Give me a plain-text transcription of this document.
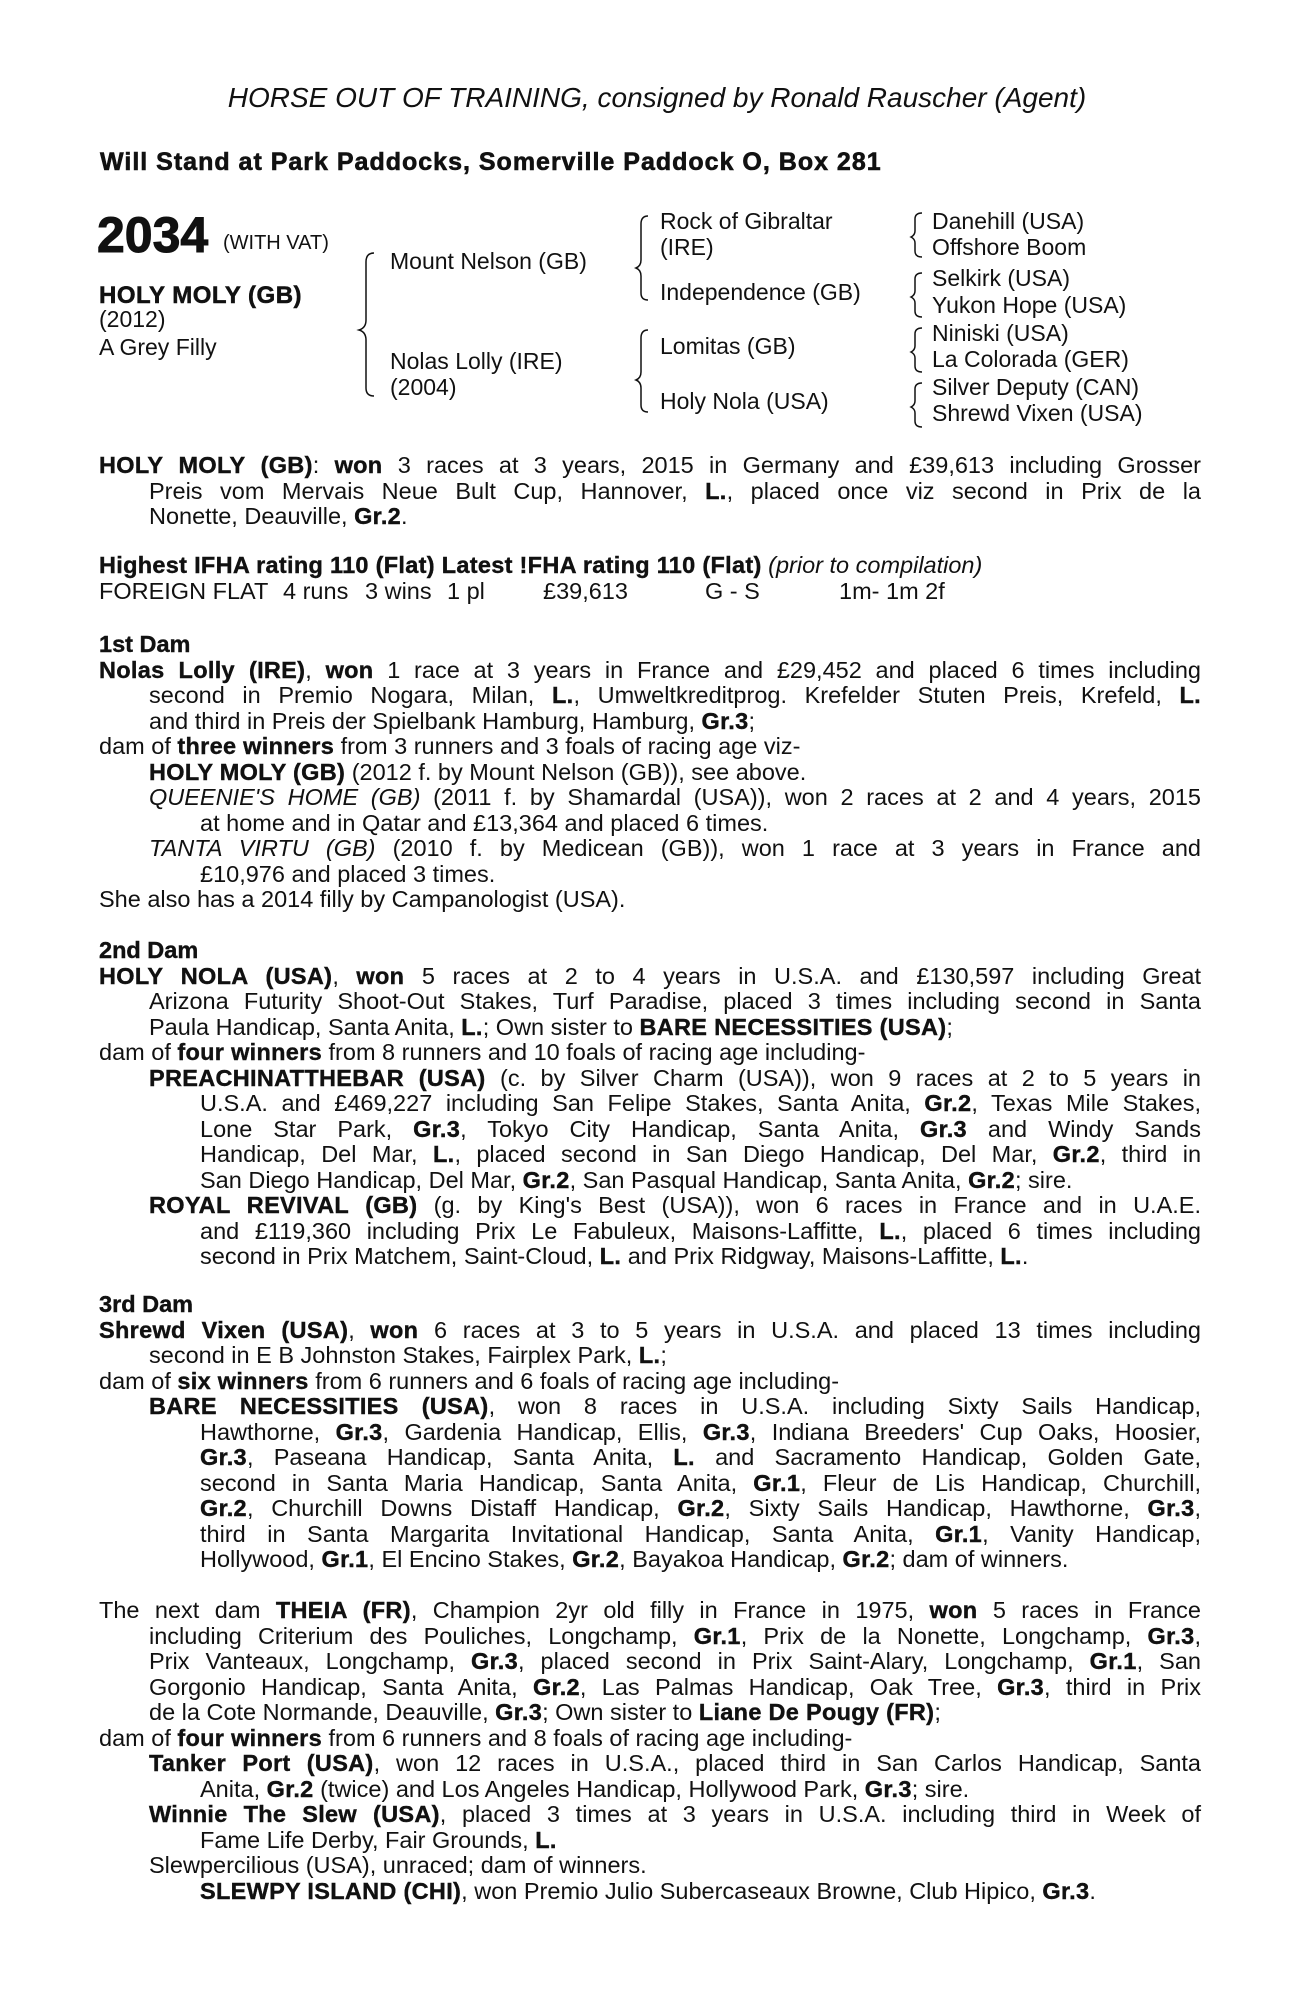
HORSE OUT OF TRAINING, consigned by Ronald Rauscher (Agent)
Will Stand at Park Paddocks, Somerville Paddock O, Box 281
2034 (WITH VAT)
HOLY MOLY (GB)
(2012)
A Grey Filly
Mount Nelson (GB)
Nolas Lolly (IRE)
(2004)
Rock of Gibraltar
(IRE)
Independence (GB)
Lomitas (GB)
Holy Nola (USA)
Danehill (USA)
Offshore Boom
Selkirk (USA)
Yukon Hope (USA)
Niniski (USA)
La Colorada (GER)
Silver Deputy (CAN)
Shrewd Vixen (USA)
HOLY MOLY (GB): won 3 races at 3 years, 2015 in Germany and £39,613 including Grosser
Preis vom Mervais Neue Bult Cup, Hannover, L., placed once viz second in Prix de la
Nonette, Deauville, Gr.2.
Highest IFHA rating 110 (Flat) Latest !FHA rating 110 (Flat) (prior to compilation)
FOREIGN FLAT 4 runs 3 wins 1 pl £39,613	G - S	1m- 1m 2f
1st Dam
Nolas Lolly (IRE), won 1 race at 3 years in France and £29,452 and placed 6 times including
second in Premio Nogara, Milan, L., Umweltkreditprog. Krefelder Stuten Preis, Krefeld, L.
and third in Preis der Spielbank Hamburg, Hamburg, Gr.3;
dam of three winners from 3 runners and 3 foals of racing age viz-
HOLY MOLY (GB) (2012 f. by Mount Nelson (GB)), see above.
QUEENIE'S HOME (GB) (2011 f. by Shamardal (USA)), won 2 races at 2 and 4 years, 2015
at home and in Qatar and £13,364 and placed 6 times.
TANTA VIRTU (GB) (2010 f. by Medicean (GB)), won 1 race at 3 years in France and
£10,976 and placed 3 times.
She also has a 2014 filly by Campanologist (USA).
2nd Dam
HOLY NOLA (USA), won 5 races at 2 to 4 years in U.S.A. and £130,597 including Great
Arizona Futurity Shoot-Out Stakes, Turf Paradise, placed 3 times including second in Santa
Paula Handicap, Santa Anita, L.; Own sister to BARE NECESSITIES (USA);
dam of four winners from 8 runners and 10 foals of racing age including-
PREACHINATTHEBAR (USA) (c. by Silver Charm (USA)), won 9 races at 2 to 5 years in
U.S.A. and £469,227 including San Felipe Stakes, Santa Anita, Gr.2, Texas Mile Stakes,
Lone Star Park, Gr.3, Tokyo City Handicap, Santa Anita, Gr.3 and Windy Sands
Handicap, Del Mar, L., placed second in San Diego Handicap, Del Mar, Gr.2, third in
San Diego Handicap, Del Mar, Gr.2, San Pasqual Handicap, Santa Anita, Gr.2; sire.
ROYAL REVIVAL (GB) (g. by King's Best (USA)), won 6 races in France and in U.A.E.
and £119,360 including Prix Le Fabuleux, Maisons-Laffitte, L., placed 6 times including
second in Prix Matchem, Saint-Cloud, L. and Prix Ridgway, Maisons-Laffitte, L..
3rd Dam
Shrewd Vixen (USA), won 6 races at 3 to 5 years in U.S.A. and placed 13 times including
second in E B Johnston Stakes, Fairplex Park, L.;
dam of six winners from 6 runners and 6 foals of racing age including-
BARE NECESSITIES (USA), won 8 races in U.S.A. including Sixty Sails Handicap,
Hawthorne, Gr.3, Gardenia Handicap, Ellis, Gr.3, Indiana Breeders' Cup Oaks, Hoosier,
Gr.3, Paseana Handicap, Santa Anita, L. and Sacramento Handicap, Golden Gate,
second in Santa Maria Handicap, Santa Anita, Gr.1, Fleur de Lis Handicap, Churchill,
Gr.2, Churchill Downs Distaff Handicap, Gr.2, Sixty Sails Handicap, Hawthorne, Gr.3,
third in Santa Margarita Invitational Handicap, Santa Anita, Gr.1, Vanity Handicap,
Hollywood, Gr.1, El Encino Stakes, Gr.2, Bayakoa Handicap, Gr.2; dam of winners.
The next dam THEIA (FR), Champion 2yr old filly in France in 1975, won 5 races in France
including Criterium des Pouliches, Longchamp, Gr.1, Prix de la Nonette, Longchamp, Gr.3,
Prix Vanteaux, Longchamp, Gr.3, placed second in Prix Saint-Alary, Longchamp, Gr.1, San
Gorgonio Handicap, Santa Anita, Gr.2, Las Palmas Handicap, Oak Tree, Gr.3, third in Prix
de la Cote Normande, Deauville, Gr.3; Own sister to Liane De Pougy (FR);
dam of four winners from 6 runners and 8 foals of racing age including-
Tanker Port (USA), won 12 races in U.S.A., placed third in San Carlos Handicap, Santa
Anita, Gr.2 (twice) and Los Angeles Handicap, Hollywood Park, Gr.3; sire.
Winnie The Slew (USA), placed 3 times at 3 years in U.S.A. including third in Week of
Fame Life Derby, Fair Grounds, L.
Slewpercilious (USA), unraced; dam of winners.
SLEWPY ISLAND (CHI), won Premio Julio Subercaseaux Browne, Club Hipico, Gr.3.
